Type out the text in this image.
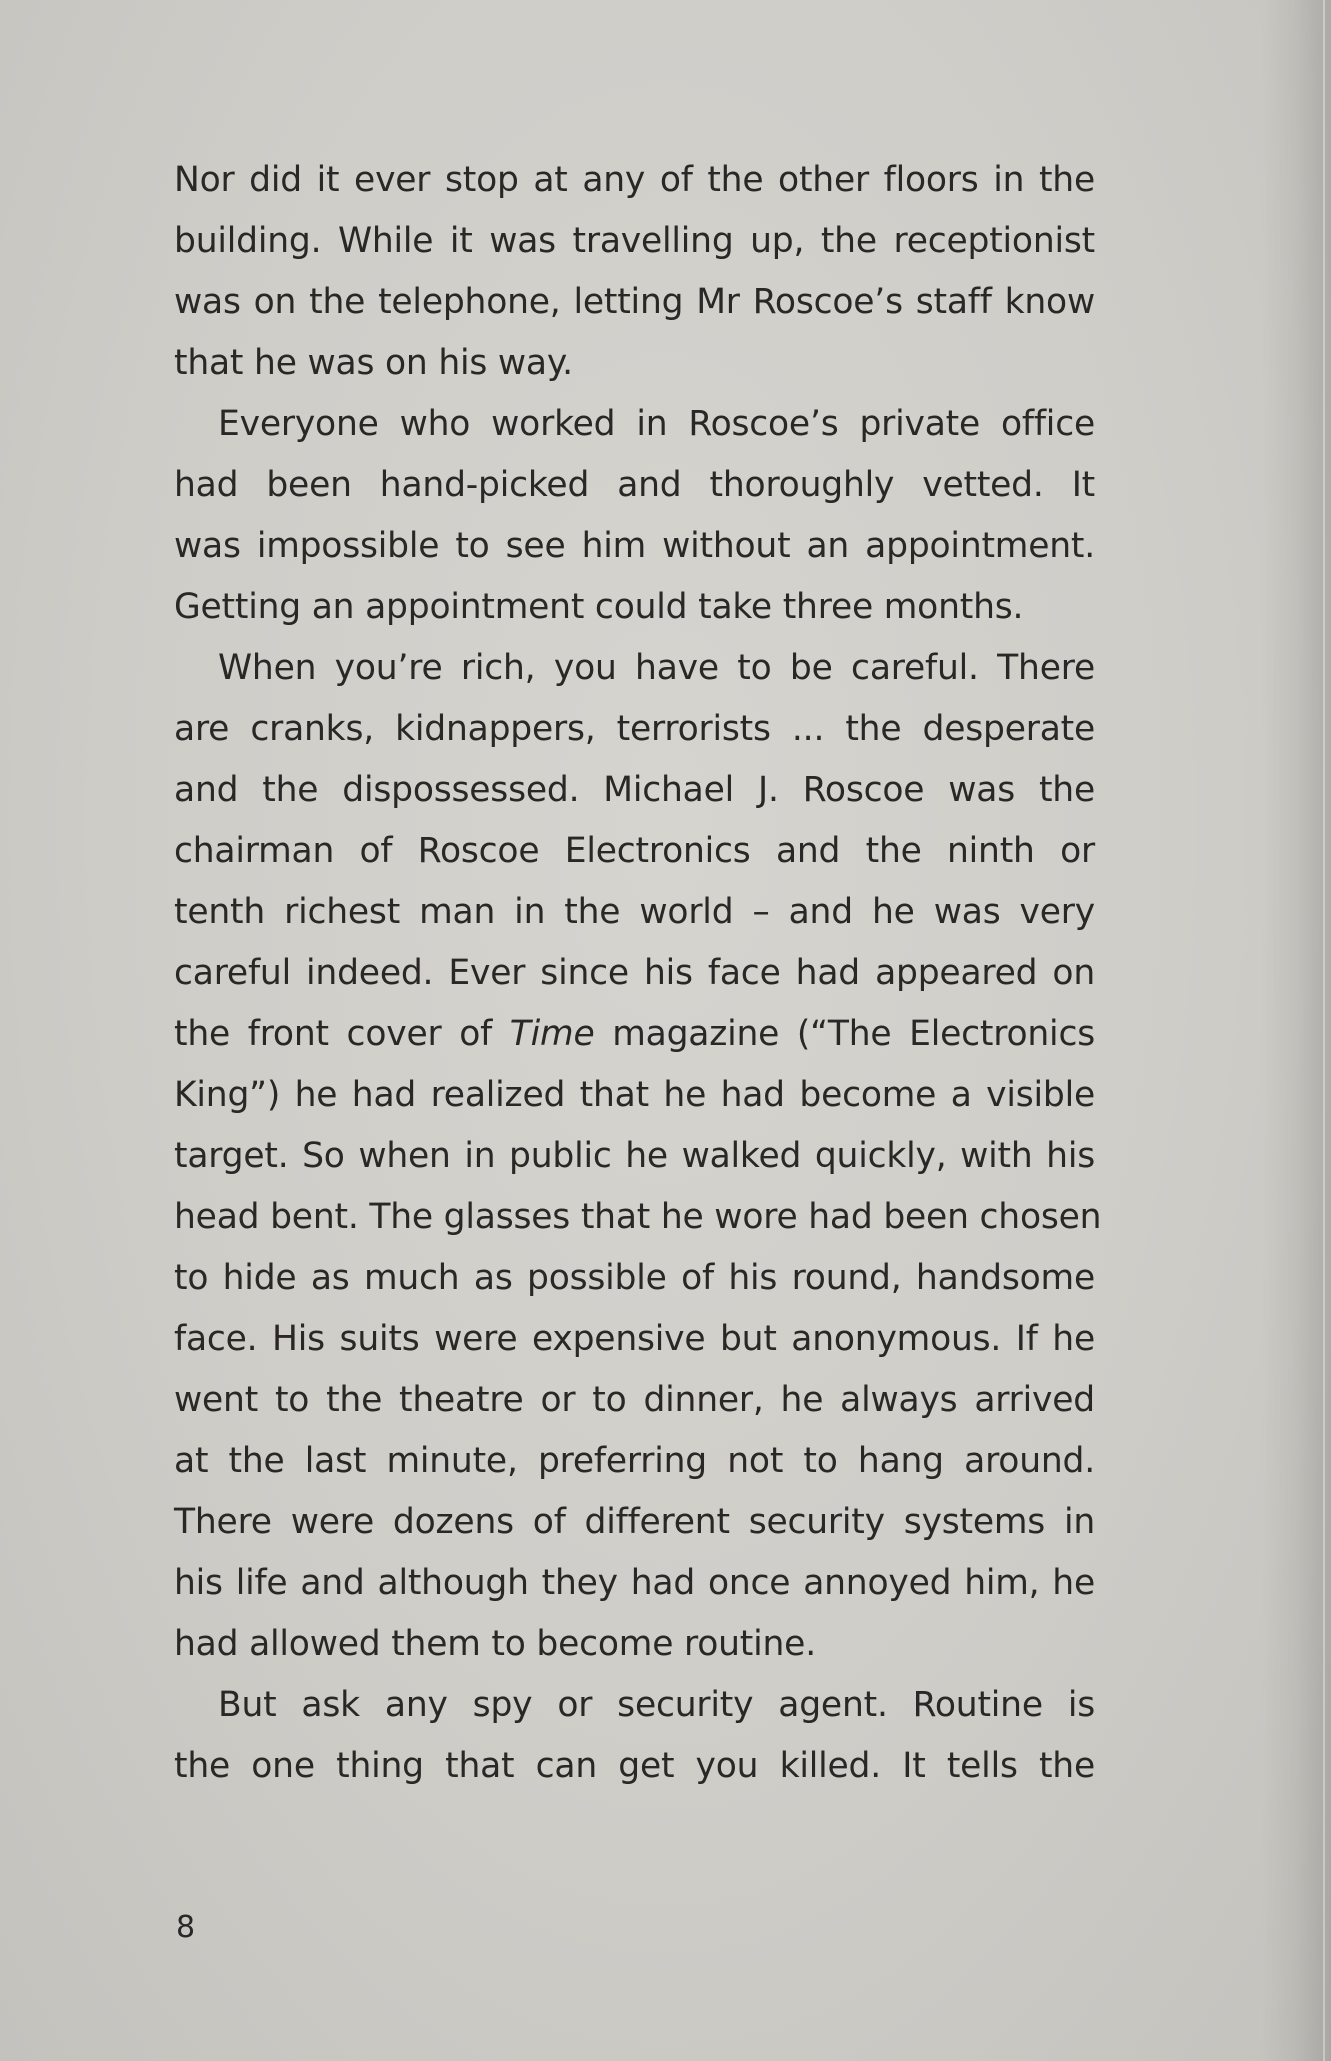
Nor did it ever stop at any of the other floors in the
building. While it was travelling up, the receptionist
was on the telephone, letting Mr Roscoe’s staff know
that he was on his way.

Everyone who worked in Roscoe’s private office
had been hand-picked and thoroughly vetted. It
was impossible to see him without an appointment.
Getting an appointment could take three months.

When you’re rich, you have to be careful. There
are cranks, kidnappers, terrorists ... the desperate
and the dispossessed. Michael J. Roscoe was the
chairman of Roscoe Electronics and the ninth or
tenth richest man in the world – and he was very
careful indeed. Ever since his face had appeared on
the front cover of Time magazine (“The Electronics
King”) he had realized that he had become a visible
target. So when in public he walked quickly, with his
head bent. The glasses that he wore had been chosen
to hide as much as possible of his round, handsome
face. His suits were expensive but anonymous. If he
went to the theatre or to dinner, he always arrived
at the last minute, preferring not to hang around.
There were dozens of different security systems in
his life and although they had once annoyed him, he
had allowed them to become routine.

But ask any spy or security agent. Routine is
the one thing that can get you killed. It tells the

8
